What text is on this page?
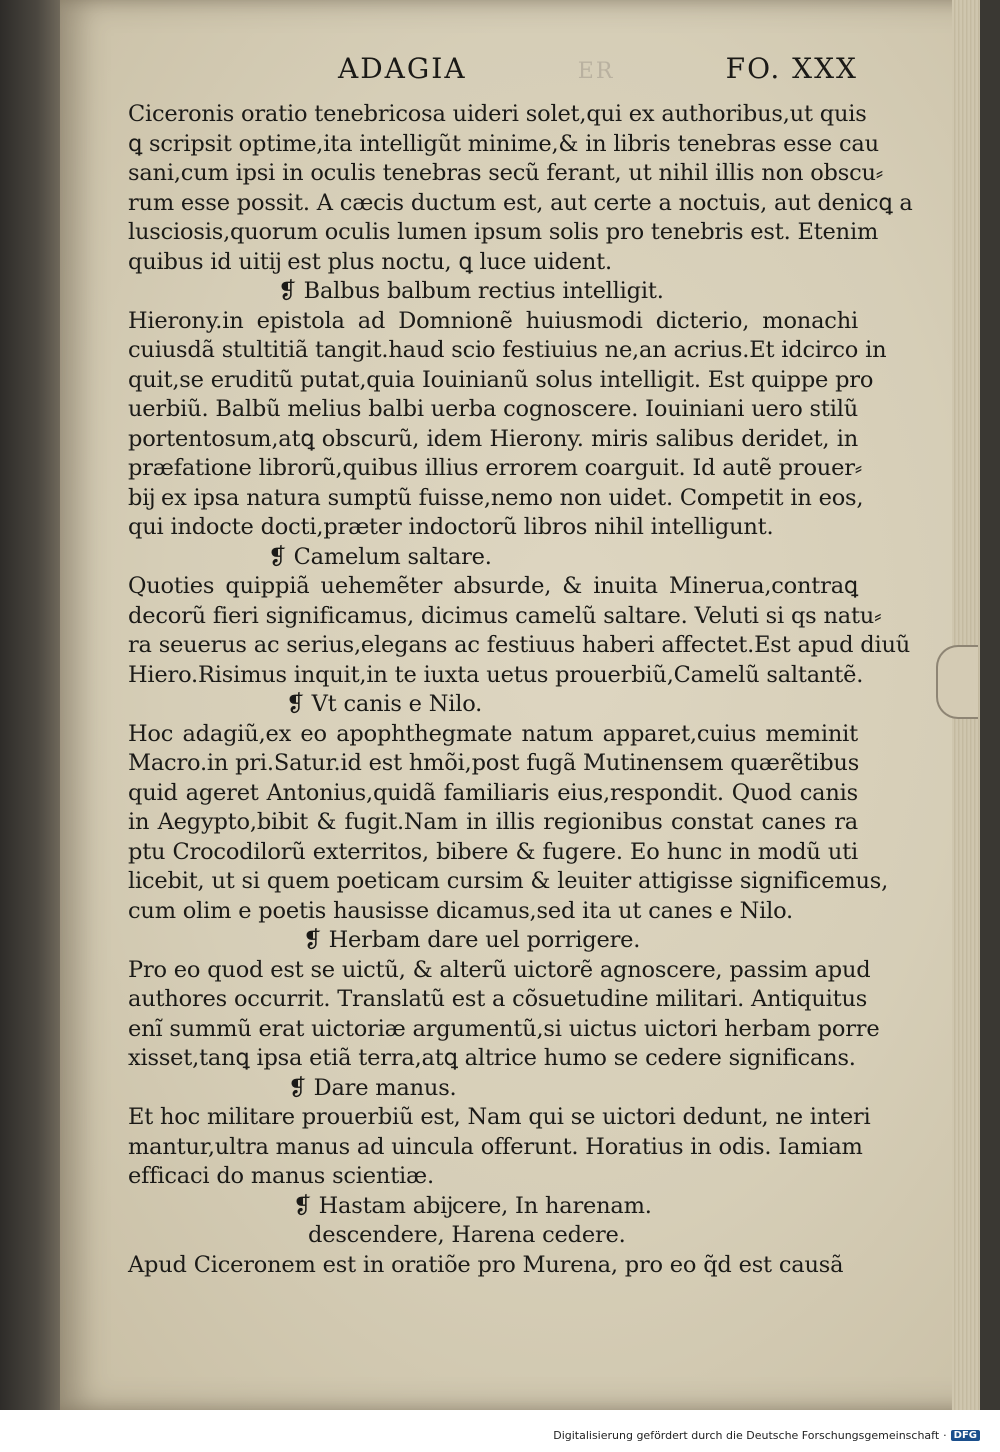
ADAGIA	ER	FO. XXX
Ciceronis oratio tenebricosa uideri solet,qui ex authoribus,ut quis
ꝗ scripsit optime,ita intelligũt minime,& in libris tenebras esse cau
sani,cum ipsi in oculis tenebras secũ ferant, ut nihil illis non obscu⸗
rum esse possit. A cæcis ductum est, aut certe a noctuis, aut denicꝗ a
lusciosis,quorum oculis lumen ipsum solis pro tenebris est. Etenim
quibus id uitĳ est plus noctu, ꝗ luce uident.
❡ Balbus balbum rectius intelligit.
Hierony.in epistola ad Domnionẽ huiusmodi dicterio, monachi
cuiusdã stultitiã tangit.haud scio festiuius ne,an acrius.Et idcirco in
quit,se eruditũ putat,quia Iouinianũ solus intelligit. Est quippe pro
uerbiũ. Balbũ melius balbi uerba cognoscere. Iouiniani uero stilũ
portentosum,atꝗ obscurũ, idem Hierony. miris salibus deridet, in
præfatione librorũ,quibus illius errorem coarguit. Id autẽ prouer⸗
bĳ ex ipsa natura sumptũ fuisse,nemo non uidet. Competit in eos,
qui indocte docti,præter indoctorũ libros nihil intelligunt.
❡ Camelum saltare.
Quoties quippiã uehemẽter absurde, & inuita Minerua,contraꝗ
decorũ fieri significamus, dicimus camelũ saltare. Veluti si qs natu⸗
ra seuerus ac serius,elegans ac festiuus haberi affectet.Est apud diuũ
Hiero.Risimus inquit,in te iuxta uetus prouerbiũ,Camelũ saltantẽ.
❡ Vt canis e Nilo.
Hoc adagiũ,ex eo apophthegmate natum apparet,cuius meminit
Macro.in pri.Satur.id est hmõi,post fugã Mutinensem quærẽtibus
quid ageret Antonius,quidã familiaris eius,respondit. Quod canis
in Aegypto,bibit & fugit.Nam in illis regionibus constat canes ra
ptu Crocodilorũ exterritos, bibere & fugere. Eo hunc in modũ uti
licebit, ut si quem poeticam cursim & leuiter attigisse significemus,
cum olim e poetis hausisse dicamus,sed ita ut canes e Nilo.
❡ Herbam dare uel porrigere.
Pro eo quod est se uictũ, & alterũ uictorẽ agnoscere, passim apud
authores occurrit. Translatũ est a cõsuetudine militari. Antiquitus
enĩ summũ erat uictoriæ argumentũ,si uictus uictori herbam porre
xisset,tanꝗ ipsa etiã terra,atꝗ altrice humo se cedere significans.
❡ Dare manus.
Et hoc militare prouerbiũ est, Nam qui se uictori dedunt, ne interi
mantur,ultra manus ad uincula offerunt. Horatius in odis. Iamiam
efficaci do manus scientiæ.
❡ Hastam abĳcere, In harenam.
descendere, Harena cedere.
Apud Ciceronem est in oratiõe pro Murena, pro eo q̃d est causã
Digitalisierung gefördert durch die Deutsche Forschungsgemeinschaft · DFG
